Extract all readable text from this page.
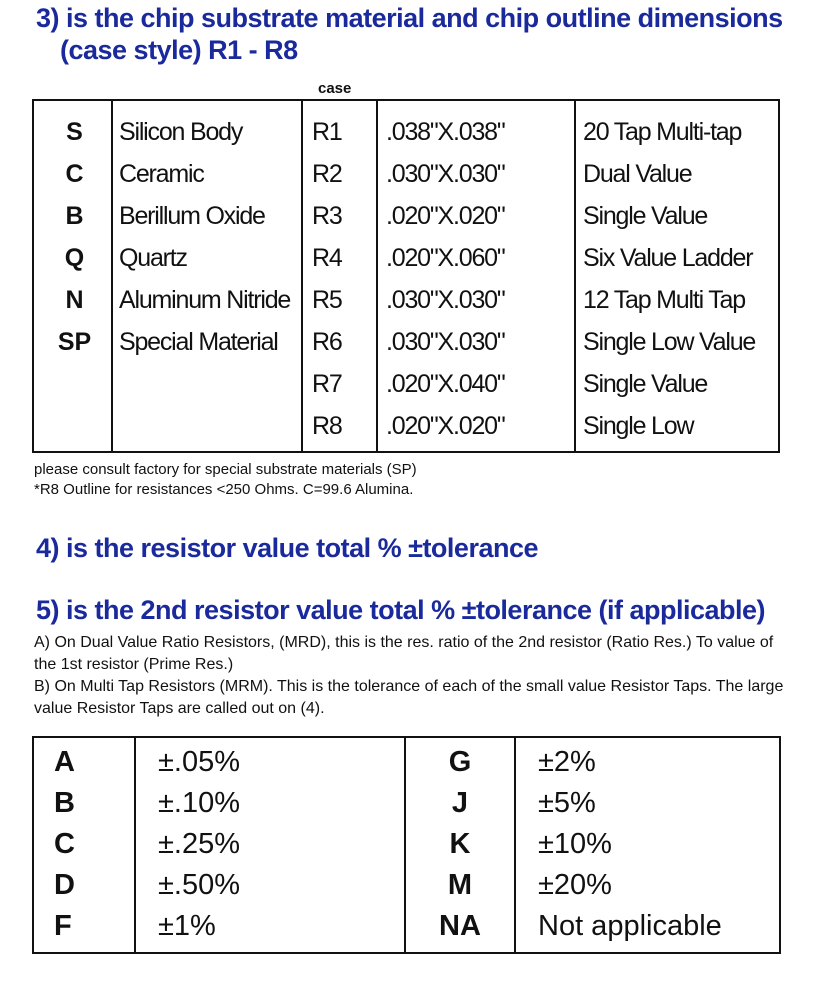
3) is the chip substrate material and chip outline dimensions
(case style) R1 - R8
case
S
C
B
Q
N
SP
Silicon Body
Ceramic
Berillum Oxide
Quartz
Aluminum Nitride
Special Material
R1
R2
R3
R4
R5
R6
R7
R8
.038"X.038"
.030"X.030"
.020"X.020"
.020"X.060"
.030"X.030"
.030"X.030"
.020"X.040"
.020"X.020"
20 Tap Multi-tap
Dual Value
Single Value
Six Value Ladder
12 Tap Multi Tap
Single Low Value
Single Value
Single Low
please consult factory for special substrate materials (SP)
*R8 Outline for resistances <250 Ohms. C=99.6 Alumina.
4) is the resistor value total % ±tolerance
5) is the 2nd resistor value total % ±tolerance (if applicable)
A) On Dual Value Ratio Resistors, (MRD), this is the res. ratio of the 2nd resistor (Ratio Res.) To value of the 1st resistor (Prime Res.)
B) On Multi Tap Resistors (MRM). This is the tolerance of each of the small value Resistor Taps. The large value Resistor Taps are called out on (4).
A
B
C
D
F
±.05%
±.10%
±.25%
±.50%
±1%
G
J
K
M
NA
±2%
±5%
±10%
±20%
Not applicable
